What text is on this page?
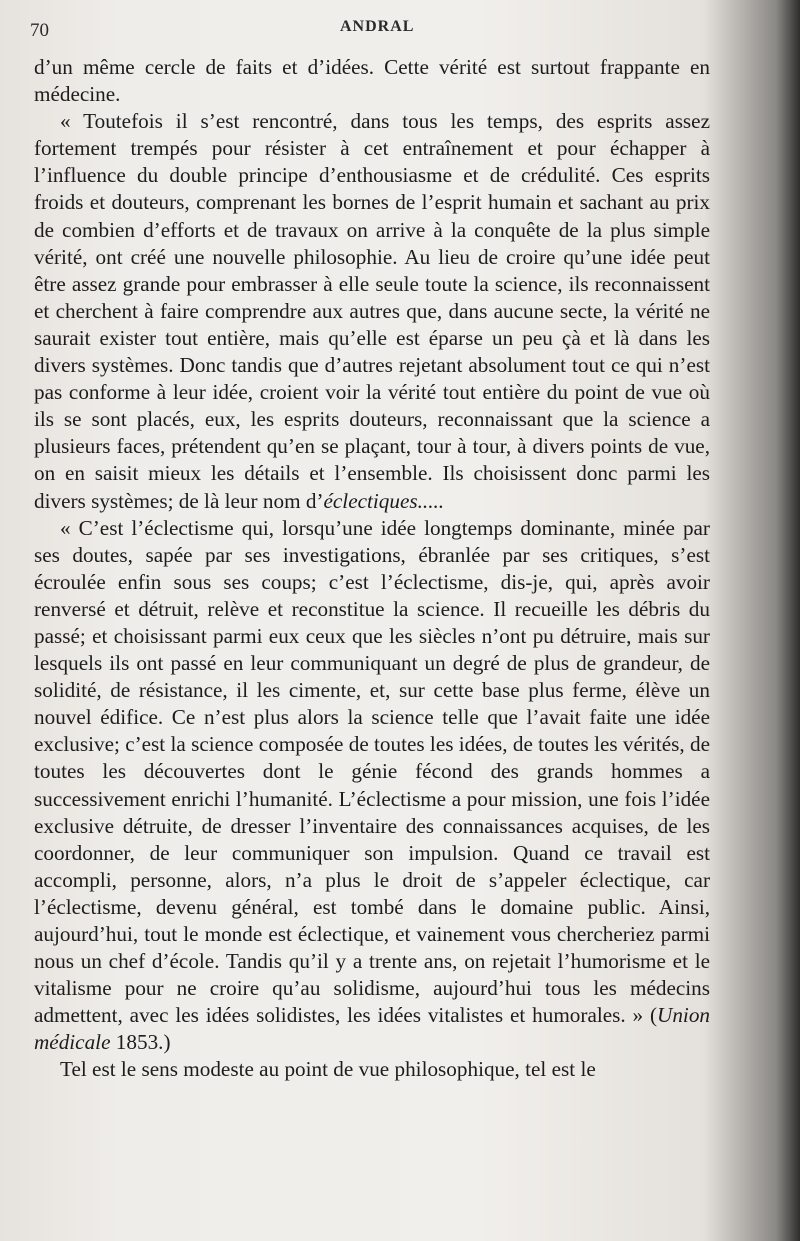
70	ANDRAL

d’un même cercle de faits et d’idées. Cette vérité est surtout frappante en médecine.

« Toutefois il s’est rencontré, dans tous les temps, des esprits assez fortement trempés pour résister à cet entraînement et pour échapper à l’influence du double principe d’enthousiasme et de crédulité. Ces esprits froids et douteurs, comprenant les bornes de l’esprit humain et sachant au prix de combien d’efforts et de travaux on arrive à la conquête de la plus simple vérité, ont créé une nouvelle philosophie. Au lieu de croire qu’une idée peut être assez grande pour embrasser à elle seule toute la science, ils reconnaissent et cherchent à faire comprendre aux autres que, dans aucune secte, la vérité ne saurait exister tout entière, mais qu’elle est éparse un peu çà et là dans les divers systèmes. Donc tandis que d’autres rejetant absolument tout ce qui n’est pas conforme à leur idée, croient voir la vérité tout entière du point de vue où ils se sont placés, eux, les esprits douteurs, reconnaissant que la science a plusieurs faces, prétendent qu’en se plaçant, tour à tour, à divers points de vue, on en saisit mieux les détails et l’ensemble. Ils choisissent donc parmi les divers systèmes; de là leur nom d’éclectiques.....

« C’est l’éclectisme qui, lorsqu’une idée longtemps dominante, minée par ses doutes, sapée par ses investigations, ébranlée par ses critiques, s’est écroulée enfin sous ses coups; c’est l’éclectisme, dis-je, qui, après avoir renversé et détruit, relève et reconstitue la science. Il recueille les débris du passé; et choisissant parmi eux ceux que les siècles n’ont pu détruire, mais sur lesquels ils ont passé en leur communiquant un degré de plus de grandeur, de solidité, de résistance, il les cimente, et, sur cette base plus ferme, élève un nouvel édifice. Ce n’est plus alors la science telle que l’avait faite une idée exclusive; c’est la science composée de toutes les idées, de toutes les vérités, de toutes les découvertes dont le génie fécond des grands hommes a successivement enrichi l’humanité. L’éclectisme a pour mission, une fois l’idée exclusive détruite, de dresser l’inventaire des connaissances acquises, de les coordonner, de leur communiquer son impulsion. Quand ce travail est accompli, personne, alors, n’a plus le droit de s’appeler éclectique, car l’éclectisme, devenu général, est tombé dans le domaine public. Ainsi, aujourd’hui, tout le monde est éclectique, et vainement vous chercheriez parmi nous un chef d’école. Tandis qu’il y a trente ans, on rejetait l’humorisme et le vitalisme pour ne croire qu’au solidisme, aujourd’hui tous les médecins admettent, avec les idées solidistes, les idées vitalistes et humorales. » (Union médicale 1853.)

Tel est le sens modeste au point de vue philosophique, tel est le
